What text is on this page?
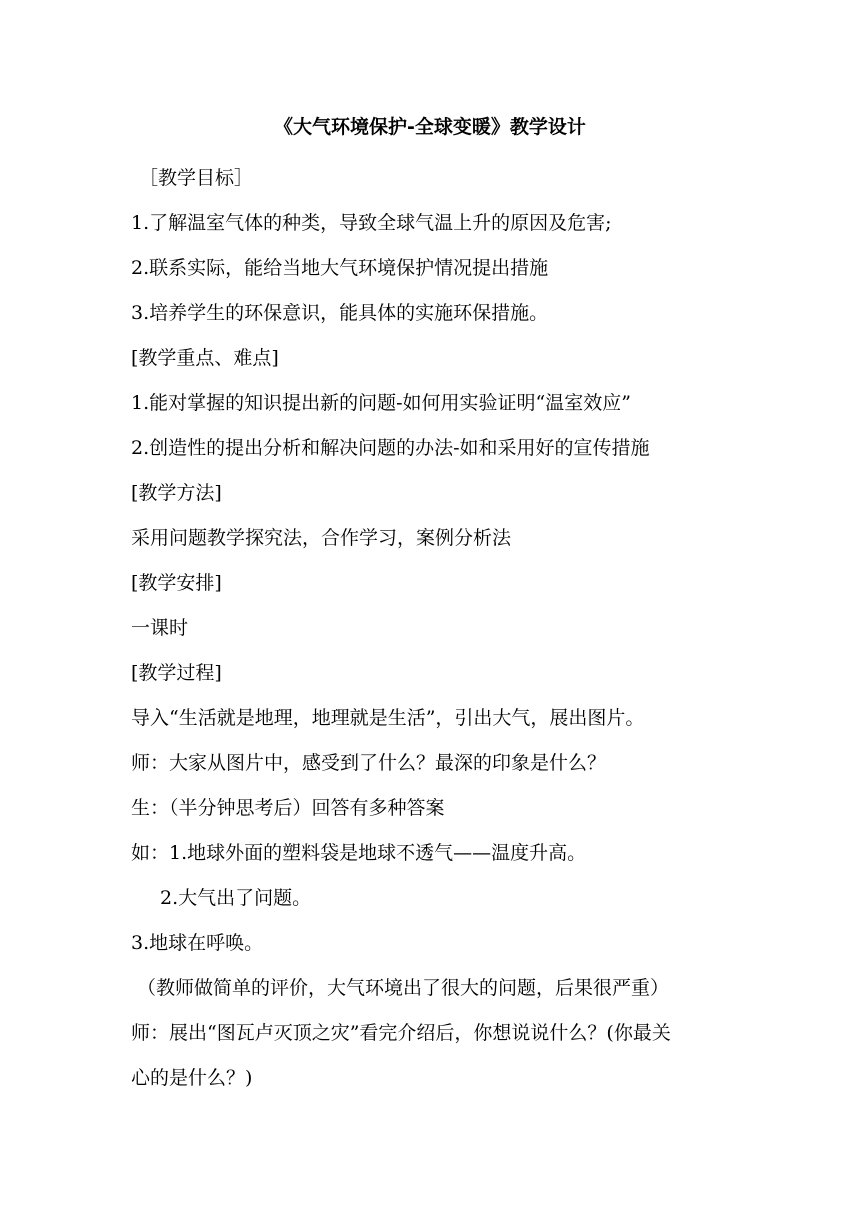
《大气环境保护-全球变暖》教学设计
［教学目标］
1.了解温室气体的种类，导致全球气温上升的原因及危害;
2.联系实际，能给当地大气环境保护情况提出措施
3.培养学生的环保意识，能具体的实施环保措施。
[教学重点、难点]
1.能对掌握的知识提出新的问题-如何用实验证明“温室效应”
2.创造性的提出分析和解决问题的办法-如和采用好的宣传措施
[教学方法]
采用问题教学探究法，合作学习，案例分析法
[教学安排]
一课时
[教学过程]
导入“生活就是地理，地理就是生活”，引出大气，展出图片。
师：大家从图片中，感受到了什么？最深的印象是什么？
生：（半分钟思考后）回答有多种答案
如：1.地球外面的塑料袋是地球不透气——温度升高。
2.大气出了问题。
3.地球在呼唤。
（教师做简单的评价，大气环境出了很大的问题，后果很严重）
师：展出“图瓦卢灭顶之灾”看完介绍后，你想说说什么？(你最关
心的是什么？)
